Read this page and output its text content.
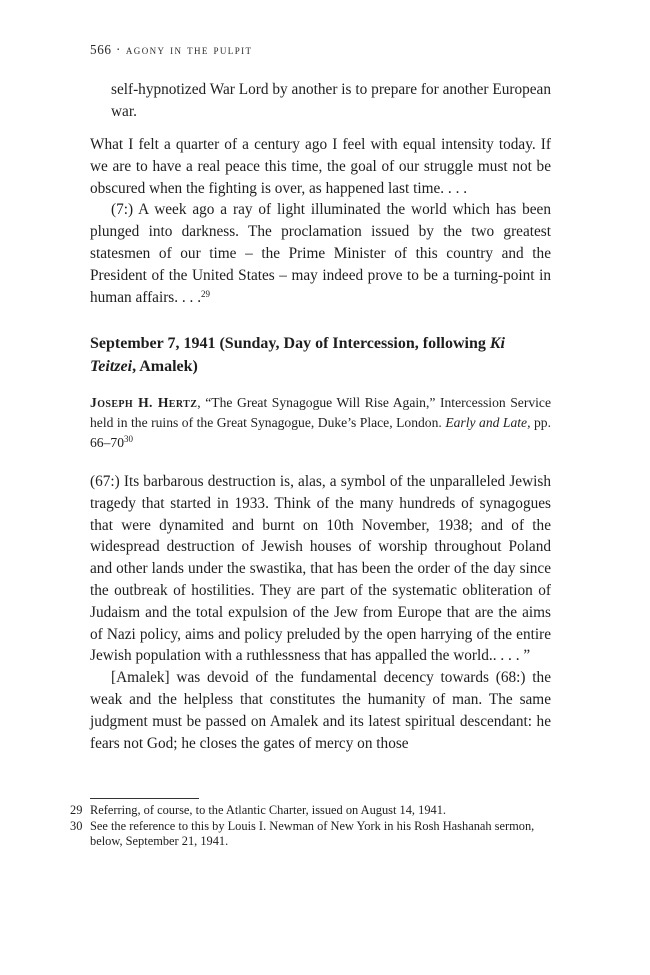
566 · agony in the pulpit

self-hypnotized War Lord by another is to prepare for another European war.

What I felt a quarter of a century ago I feel with equal intensity today. If we are to have a real peace this time, the goal of our struggle must not be obscured when the fighting is over, as happened last time. . . .

(7:) A week ago a ray of light illuminated the world which has been plunged into darkness. The proclamation issued by the two greatest statesmen of our time – the Prime Minister of this country and the President of the United States – may indeed prove to be a turning-point in human affairs. . . .$^{29}$

September 7, 1941 (Sunday, Day of Intercession, following Ki Teitzei, Amalek)
Joseph H. Hertz, “The Great Synagogue Will Rise Again,” Intercession Service held in the ruins of the Great Synagogue, Duke’s Place, London. Early and Late, pp. $66-70^{30}$

(67:) Its barbarous destruction is, alas, a symbol of the unparalleled Jewish tragedy that started in 1933. Think of the many hundreds of synagogues that were dynamited and burnt on 10th November, 1938; and of the widespread destruction of Jewish houses of worship throughout Poland and other lands under the swastika, that has been the order of the day since the outbreak of hostilities. They are part of the systematic obliteration of Judaism and the total expulsion of the Jew from Europe that are the aims of Nazi policy, aims and policy preluded by the open harrying of the entire Jewish population with a ruthlessness that has appalled the world.. . . . ”

[Amalek] was devoid of the fundamental decency towards (68:) the weak and the helpless that constitutes the humanity of man. The same judgment must be passed on Amalek and its latest spiritual descendant: he fears not God; he closes the gates of mercy on those

29 Referring, of course, to the Atlantic Charter, issued on August 14, 1941.
30 See the reference to this by Louis I. Newman of New York in his Rosh Hashanah sermon, below, September 21, 1941.
